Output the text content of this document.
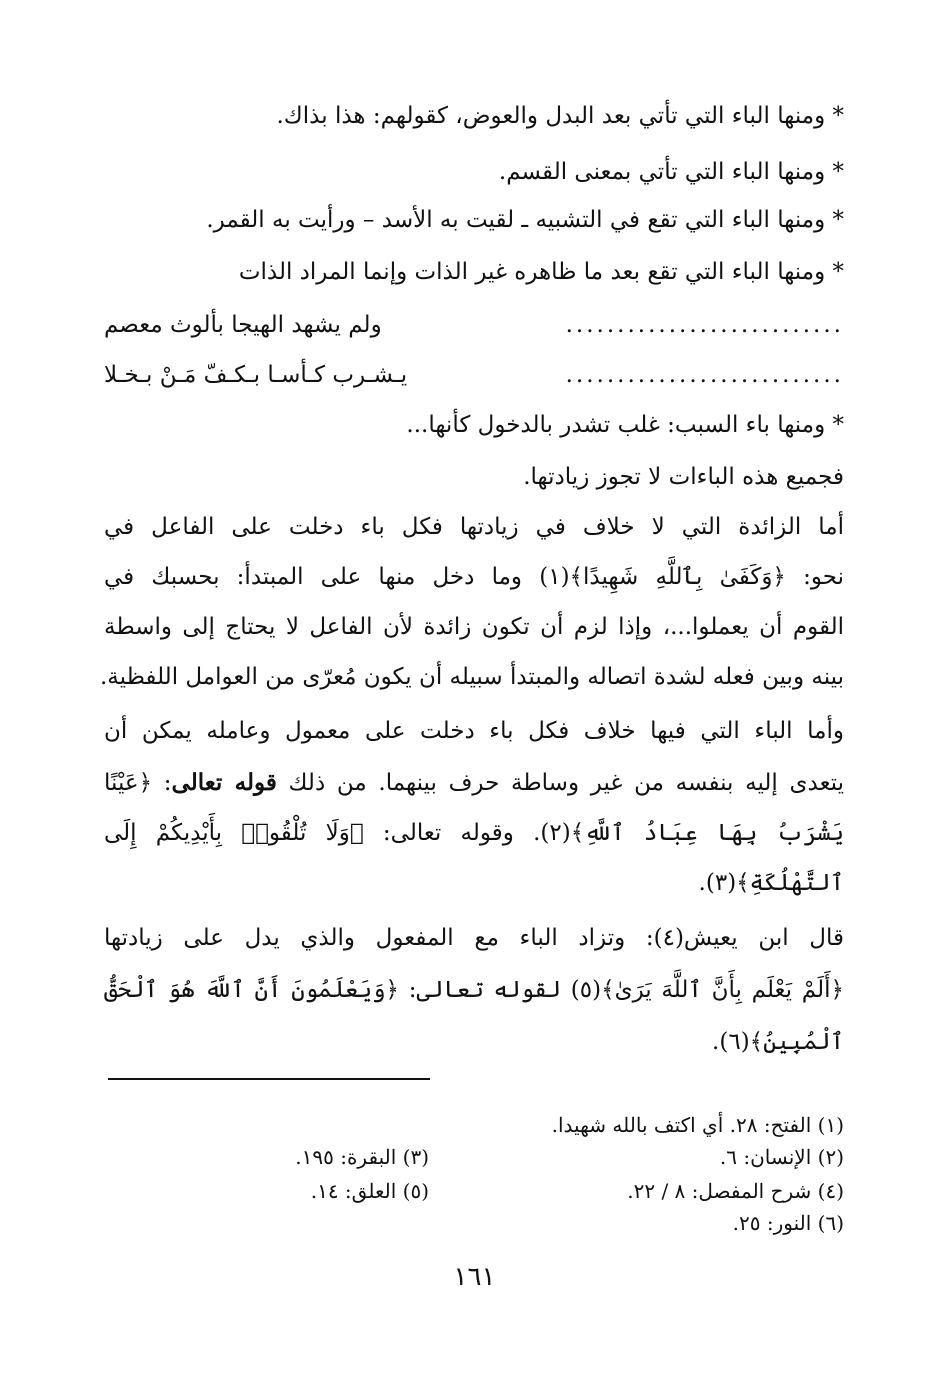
* ومنها الباء التي تأتي بعد البدل والعوض، كقولهم: هذا بذاك.
* ومنها الباء التي تأتي بمعنى القسم.
* ومنها الباء التي تقع في التشبيه ـ لقيت به الأسد – ورأيت به القمر.
* ومنها الباء التي تقع بعد ما ظاهره غير الذات وإنما المراد الذات
...........................
ولم يشهد الهيجا بألوث معصم
...........................
يـشـرب كـأسـا بـكـفّ مَـنْ بـخـلا
* ومنها باء السبب: غلب تشدر بالدخول كأنها...
فجميع هذه الباءات لا تجوز زيادتها.
أما الزائدة التي لا خلاف في زيادتها فكل باء دخلت على الفاعل في
نحو: ﴿وَكَفَىٰ بِٱللَّهِ شَهِيدًا﴾(١) وما دخل منها على المبتدأ: بحسبك في
القوم أن يعملوا...، وإذا لزم أن تكون زائدة لأن الفاعل لا يحتاج إلى واسطة
بينه وبين فعله لشدة اتصاله والمبتدأ سبيله أن يكون مُعرّى من العوامل اللفظية.
وأما الباء التي فيها خلاف فكل باء دخلت على معمول وعامله يمكن أن
يتعدى إليه بنفسه من غير وساطة حرف بينهما. من ذلك قوله تعالى: ﴿عَيْنًا
يَشْرَبُ بِهَا عِبَادُ ٱللَّهِ﴾(٢). وقوله تعالى: ﴿وَلَا تُلْقُوا۟ بِأَيْدِيكُمْ إِلَى
ٱلتَّهْلُكَةِ﴾(٣).
قال ابن يعيش(٤): وتزاد الباء مع المفعول والذي يدل على زيادتها
﴿أَلَمْ يَعْلَم بِأَنَّ ٱللَّهَ يَرَىٰ﴾(٥) لقوله تعالى: ﴿وَيَعْلَمُونَ أَنَّ ٱللَّهَ هُوَ ٱلْحَقُّ
ٱلْمُبِينُ﴾(٦).
(١) الفتح: ٢٨. أي اكتف بالله شهيدا.
(٢) الإنسان: ٦.
(٣) البقرة: ١٩٥.
(٤) شرح المفصل: ٨ / ٢٢.
(٥) العلق: ١٤.
(٦) النور: ٢٥.
١٦١
